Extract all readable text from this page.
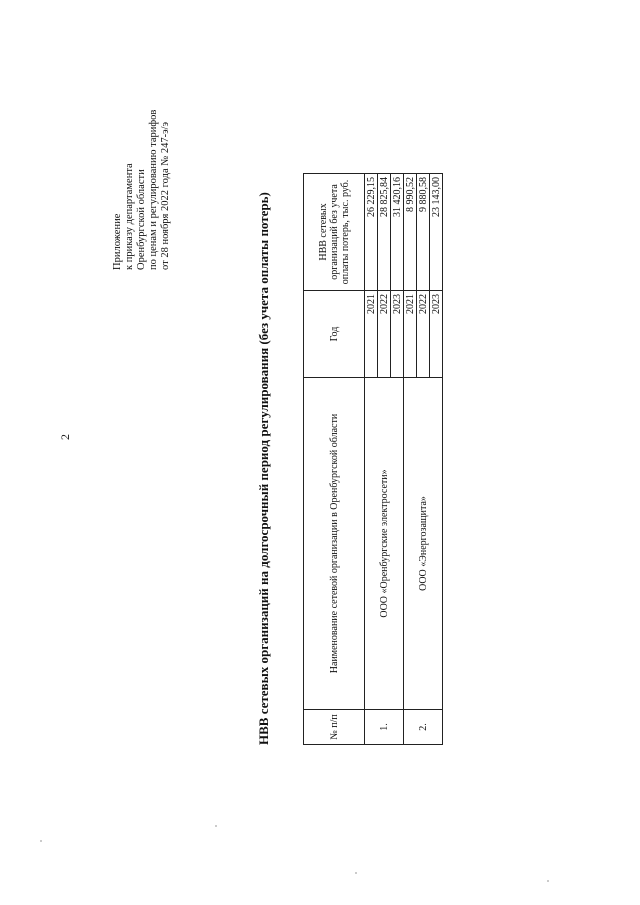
2
Приложение к приказу департамента Оренбургской области по ценам и регулированию тарифов от 28 ноября 2022 года № 247-э/э	НВВ сетевых организаций на долгосрочный период регулирования (без учета оплаты потерь)	№ п/п	Наименование сетевой организации в Оренбургской области	Год	НВВ сетевых организаций без учета оплаты потерь, тыс. руб.
1.	ООО «Оренбургские электросети»	2021	26 229,15
		2022	28 825,84
		2023	31 420,16
2.	ООО «Энергозащита»	2021	8 990,52
		2022	9 880,58
		2023	23 143,00
